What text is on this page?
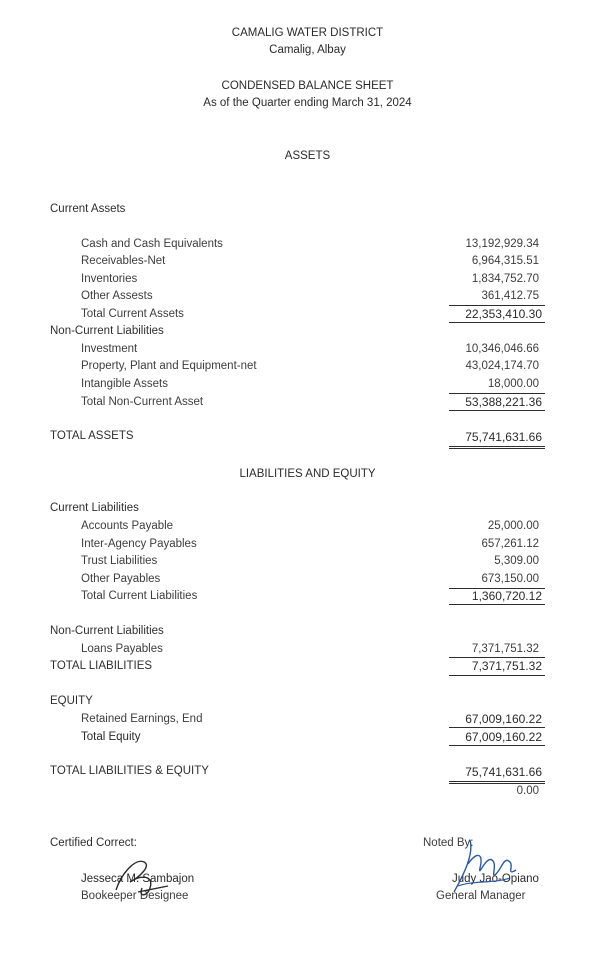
CAMALIG WATER DISTRICT
Camalig, Albay
CONDENSED BALANCE SHEET
As of the Quarter ending March 31, 2024
ASSETS
Current Assets
Cash and Cash Equivalents	13,192,929.34
Receivables-Net	6,964,315.51
Inventories	1,834,752.70
Other Assests	361,412.75
Total Current Assets	22,353,410.30
Non-Current Liabilities
Investment	10,346,046.66
Property, Plant and Equipment-net	43,024,174.70
Intangible Assets	18,000.00
Total Non-Current Asset	53,388,221.36
TOTAL ASSETS	75,741,631.66
LIABILITIES AND EQUITY
Current Liabilities
Accounts Payable	25,000.00
Inter-Agency Payables	657,261.12
Trust Liabilities	5,309.00
Other Payables	673,150.00
Total Current Liabilities	1,360,720.12
Non-Current Liabilities
Loans Payables	7,371,751.32
TOTAL LIABILITIES	7,371,751.32
EQUITY
Retained Earnings, End	67,009,160.22
Total Equity	67,009,160.22
TOTAL LIABILITIES & EQUITY	75,741,631.66
0.00
Certified Correct:
Jesseca M. Sambajon
Bookeeper Designee
Noted By:
Judy Jao-Opiano
General Manager
